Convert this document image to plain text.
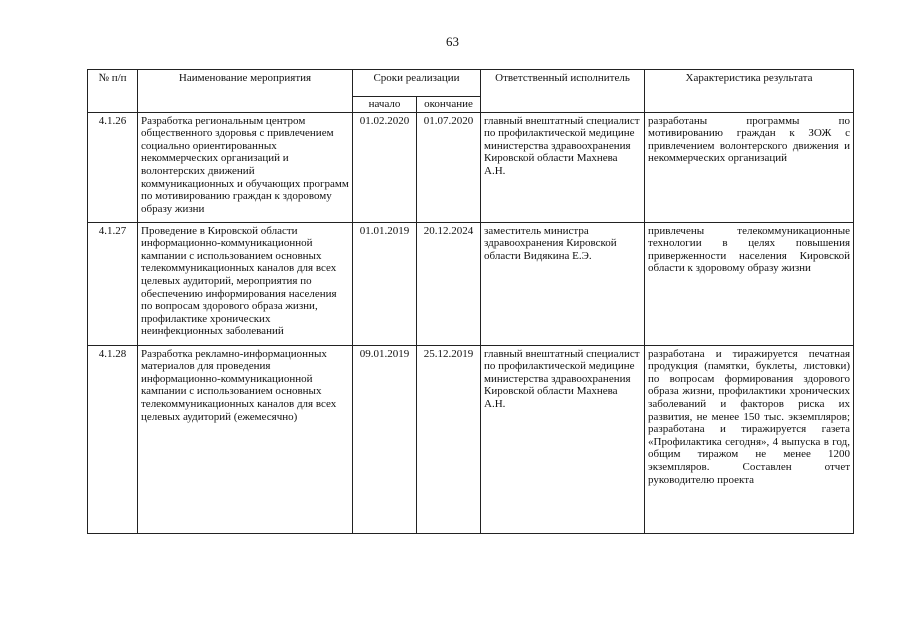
63
№ п/п	Наименование мероприятия	Сроки реализации		Ответственный исполнитель	Характеристика результата
		начало	окончание		
4.1.26	Разработка региональным центром общественного здоровья с привлечением социально ориентированных некоммерческих организаций и волонтерских движений коммуникационных и обучающих программ по мотивированию граждан к здоровому образу жизни	01.02.2020	01.07.2020	главный внештатный специалист по профилактической медицине министерства здравоохранения Кировской области Махнева А.Н.	разработаны программы по мотивированию граждан к ЗОЖ с привлечением волонтерского движения и некоммерческих организаций
4.1.27	Проведение в Кировской области информационно-коммуникационной кампании с использованием основных телекоммуникационных каналов для всех целевых аудиторий, мероприятия по обеспечению информирования населения по вопросам здорового образа жизни, профилактике хронических неинфекционных заболеваний	01.01.2019	20.12.2024	заместитель министра здравоохранения Кировской области Видякина Е.Э.	привлечены телекоммуникационные технологии в целях повышения приверженности населения Кировской области к здоровому образу жизни
4.1.28	Разработка рекламно-информационных материалов для проведения информационно-коммуникационной кампании с использованием основных телекоммуникационных каналов для всех целевых аудиторий (ежемесячно)	09.01.2019	25.12.2019	главный внештатный специалист по профилактической медицине министерства здравоохранения Кировской области Махнева А.Н.	разработана и тиражируется печатная продукция (памятки, буклеты, листовки) по вопросам формирования здорового образа жизни, профилактики хронических заболеваний и факторов риска их развития, не менее 150 тыс. экземпляров; разработана и тиражируется газета «Профилактика сегодня», 4 выпуска в год, общим тиражом не менее 1200 экземпляров. Составлен отчет руководителю проекта
